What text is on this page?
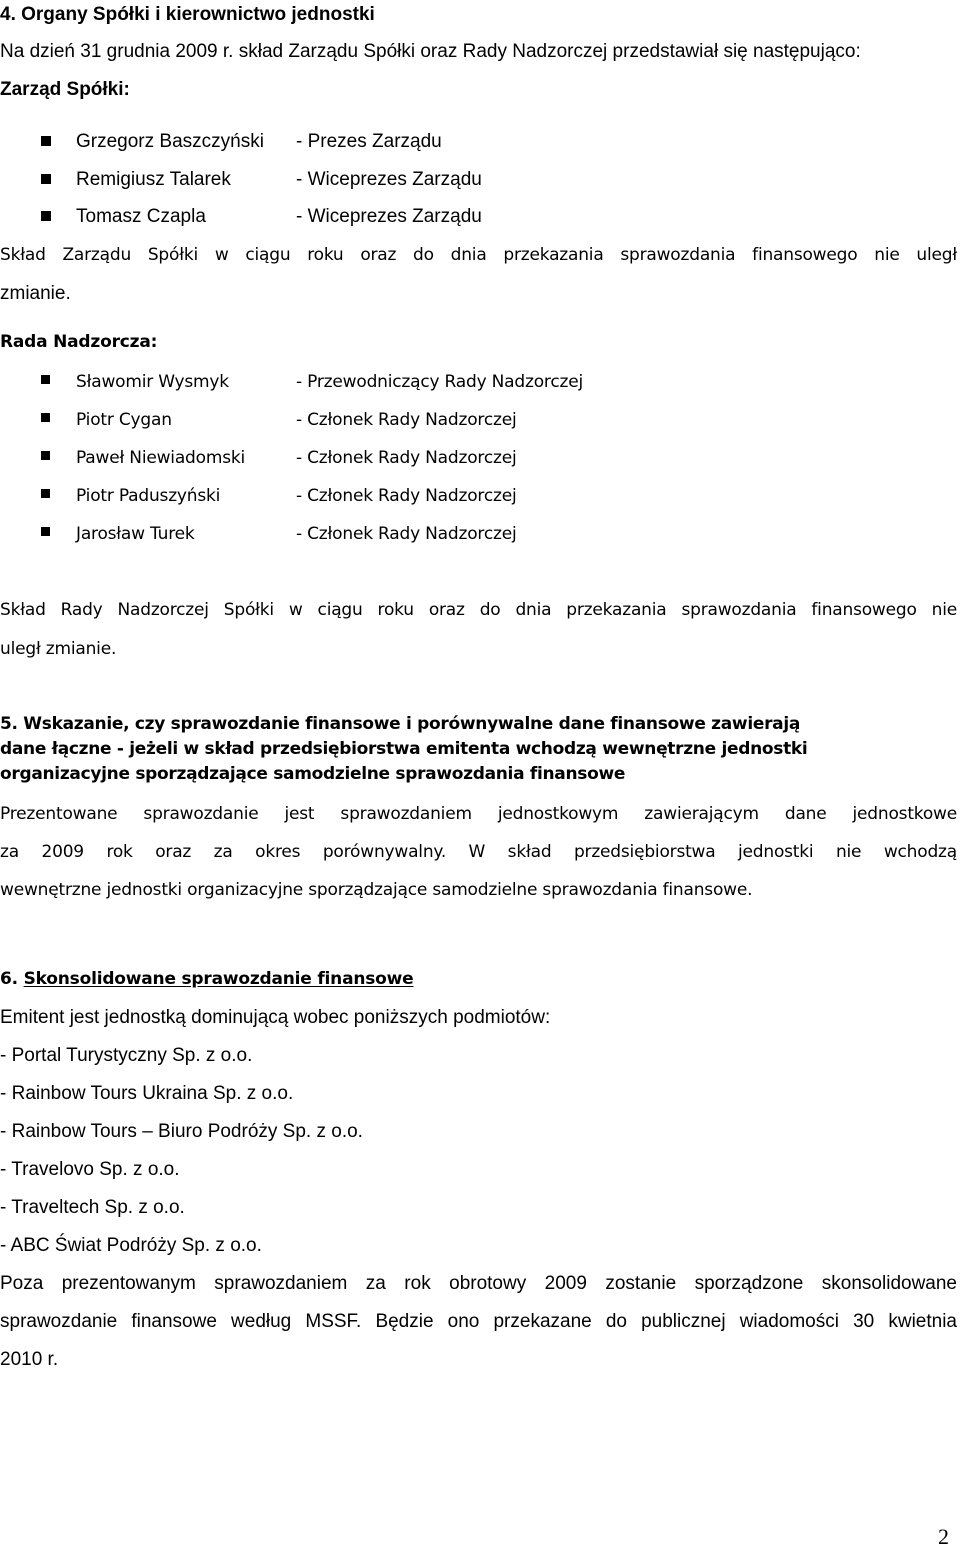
4. Organy Spółki i kierownictwo jednostki
Na dzień 31 grudnia 2009 r. skład Zarządu Spółki oraz Rady Nadzorczej przedstawiał się następująco:
Zarząd Spółki:
Grzegorz Baszczyński - Prezes Zarządu
Remigiusz Talarek	- Wiceprezes Zarządu
Tomasz Czapla	- Wiceprezes Zarządu
Skład Zarządu Spółki w ciągu roku oraz do dnia przekazania sprawozdania finansowego nie uległ
zmianie.
Rada Nadzorcza:
Sławomir Wysmyk	- Przewodniczący Rady Nadzorczej
Piotr Cygan	- Członek Rady Nadzorczej
Paweł Niewiadomski	- Członek Rady Nadzorczej
Piotr Paduszyński	- Członek Rady Nadzorczej
Jarosław Turek	- Członek Rady Nadzorczej
Skład Rady Nadzorczej Spółki w ciągu roku oraz do dnia przekazania sprawozdania finansowego nie
uległ zmianie.
5. Wskazanie, czy sprawozdanie finansowe i porównywalne dane finansowe zawierają
dane łączne - jeżeli w skład przedsiębiorstwa emitenta wchodzą wewnętrzne jednostki
organizacyjne sporządzające samodzielne sprawozdania finansowe
Prezentowane sprawozdanie jest sprawozdaniem jednostkowym zawierającym dane jednostkowe
za 2009 rok oraz za okres porównywalny. W skład przedsiębiorstwa jednostki nie wchodzą
wewnętrzne jednostki organizacyjne sporządzające samodzielne sprawozdania finansowe.
6. Skonsolidowane sprawozdanie finansowe
Emitent jest jednostką dominującą wobec poniższych podmiotów:
- Portal Turystyczny Sp. z o.o.
- Rainbow Tours Ukraina Sp. z o.o.
- Rainbow Tours – Biuro Podróży Sp. z o.o.
- Travelovo Sp. z o.o.
- Traveltech Sp. z o.o.
- ABC Świat Podróży Sp. z o.o.
Poza prezentowanym sprawozdaniem za rok obrotowy 2009 zostanie sporządzone skonsolidowane
sprawozdanie finansowe według MSSF. Będzie ono przekazane do publicznej wiadomości 30 kwietnia
2010 r.
2
